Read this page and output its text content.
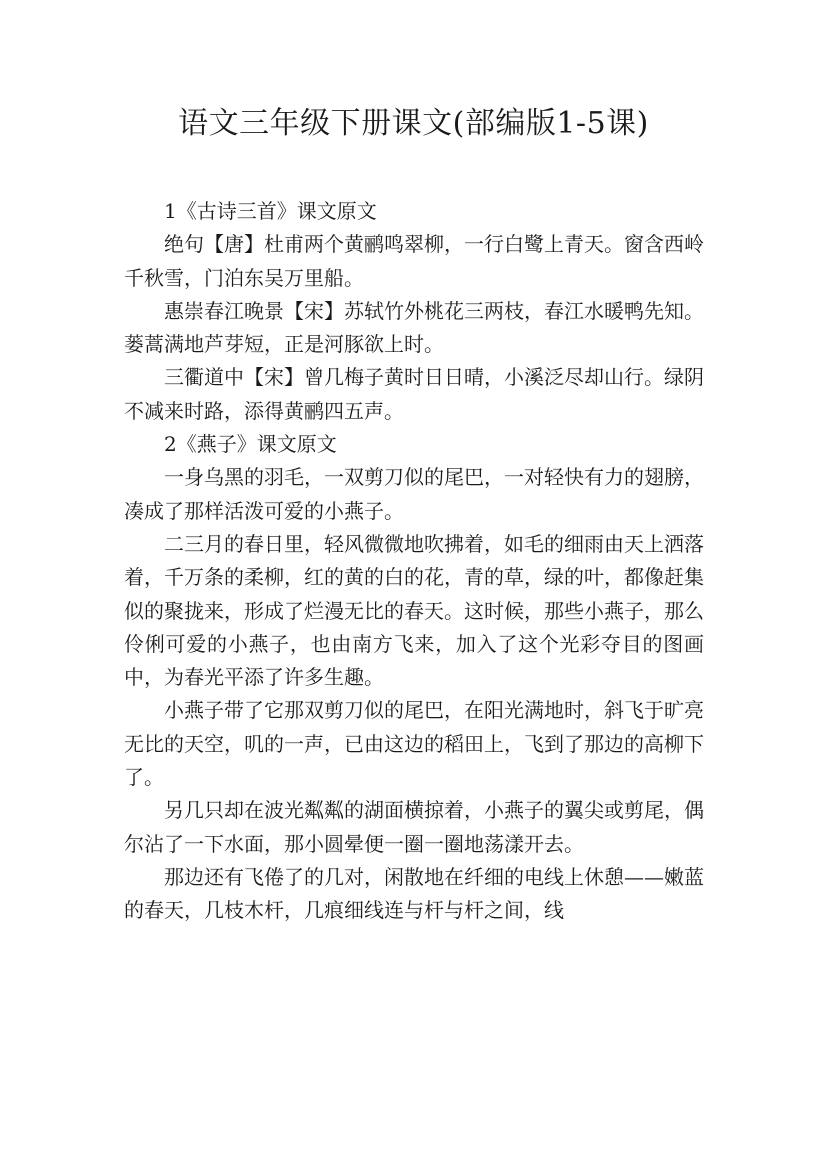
语文三年级下册课文(部编版1-5课)

1《古诗三首》课文原文

绝句【唐】杜甫两个黄鹂鸣翠柳，一行白鹭上青天。窗含西岭千秋雪，门泊东吴万里船。

惠崇春江晚景【宋】苏轼竹外桃花三两枝，春江水暖鸭先知。蒌蒿满地芦芽短，正是河豚欲上时。

三衢道中【宋】曾几梅子黄时日日晴，小溪泛尽却山行。绿阴不减来时路，添得黄鹂四五声。

2《燕子》课文原文

一身乌黑的羽毛，一双剪刀似的尾巴，一对轻快有力的翅膀，凑成了那样活泼可爱的小燕子。

二三月的春日里，轻风微微地吹拂着，如毛的细雨由天上洒落着，千万条的柔柳，红的黄的白的花，青的草，绿的叶，都像赶集似的聚拢来，形成了烂漫无比的春天。这时候，那些小燕子，那么伶俐可爱的小燕子，也由南方飞来，加入了这个光彩夺目的图画中，为春光平添了许多生趣。

小燕子带了它那双剪刀似的尾巴，在阳光满地时，斜飞于旷亮无比的天空，叽的一声，已由这边的稻田上，飞到了那边的高柳下了。

另几只却在波光粼粼的湖面横掠着，小燕子的翼尖或剪尾，偶尔沾了一下水面，那小圆晕便一圈一圈地荡漾开去。

那边还有飞倦了的几对，闲散地在纤细的电线上休憩——嫩蓝的春天，几枝木杆，几痕细线连与杆与杆之间，线
